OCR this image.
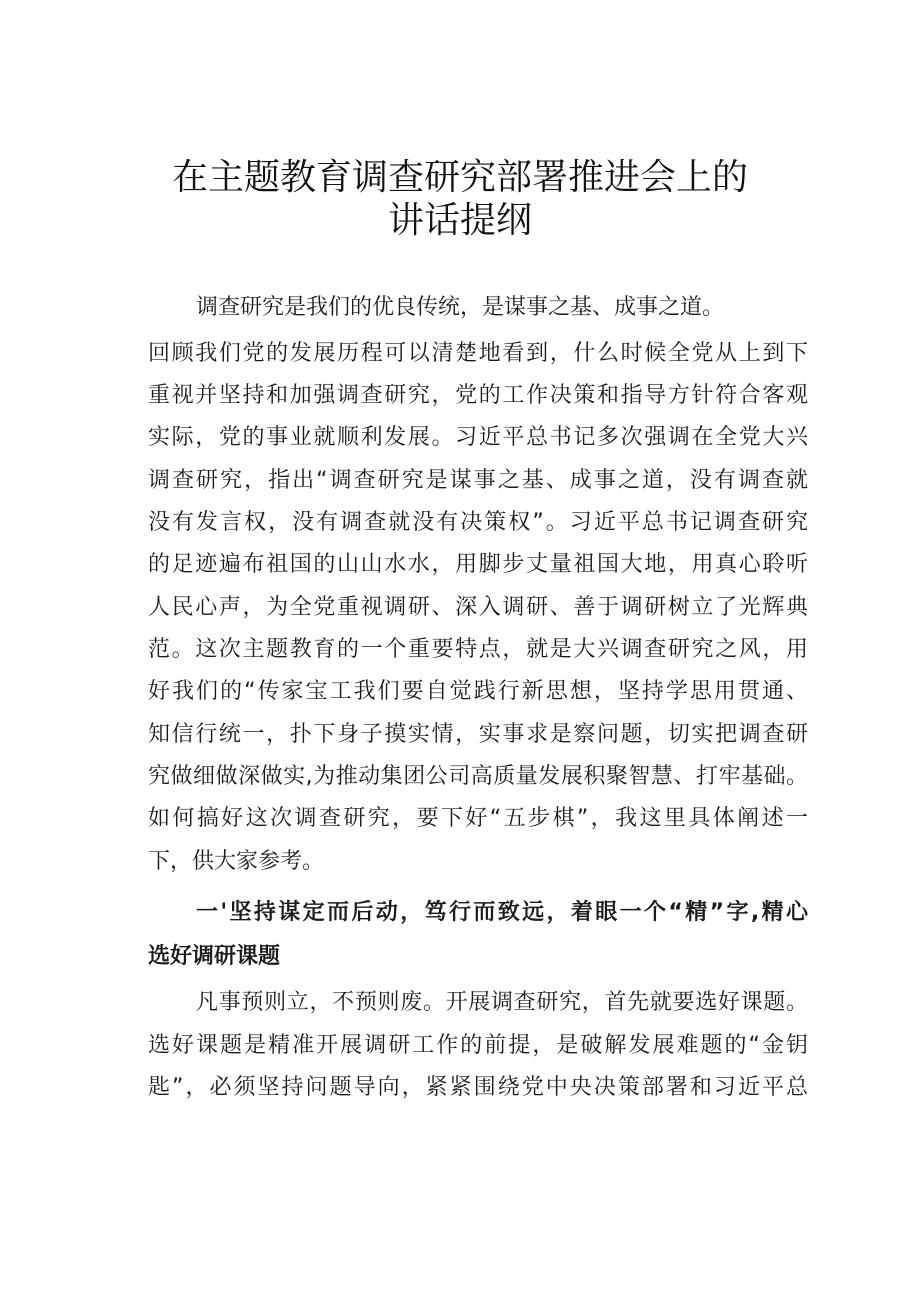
在主题教育调查研究部署推进会上的
讲话提纲
调查研究是我们的优良传统，是谋事之基、成事之道。
回顾我们党的发展历程可以清楚地看到，什么时候全党从上到下
重视并坚持和加强调查研究，党的工作决策和指导方针符合客观
实际，党的事业就顺利发展。习近平总书记多次强调在全党大兴
调查研究，指出“调查研究是谋事之基、成事之道，没有调查就
没有发言权，没有调查就没有决策权”。习近平总书记调查研究
的足迹遍布祖国的山山水水，用脚步丈量祖国大地，用真心聆听
人民心声，为全党重视调研、深入调研、善于调研树立了光辉典
范。这次主题教育的一个重要特点，就是大兴调查研究之风，用
好我们的“传家宝工我们要自觉践行新思想，坚持学思用贯通、
知信行统一，扑下身子摸实情，实事求是察问题，切实把调查研
究做细做深做实,为推动集团公司高质量发展积聚智慧、打牢基础。
如何搞好这次调查研究，要下好“五步棋”，我这里具体阐述一
下，供大家参考。
一'坚持谋定而后动，笃行而致远，着眼一个“精”字,精心
选好调研课题
凡事预则立，不预则废。开展调查研究，首先就要选好课题。
选好课题是精准开展调研工作的前提，是破解发展难题的“金钥
匙”，必须坚持问题导向，紧紧围绕党中央决策部署和习近平总
